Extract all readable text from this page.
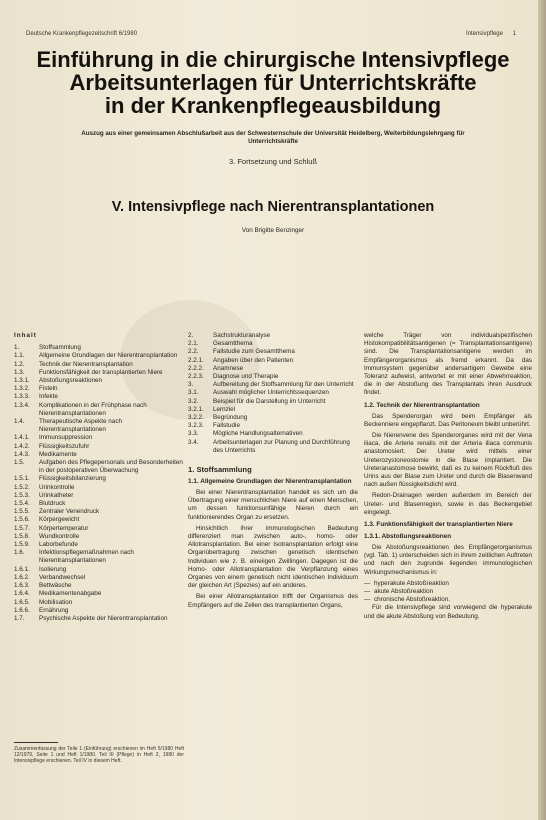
Deutsche Krankenpflegezeitschrift 6/1980	Intensivpflege 1
Einführung in die chirurgische Intensivpflege
Arbeitsunterlagen für Unterrichtskräfte
in der Krankenpflegeausbildung
Auszug aus einer gemeinsamen Abschlußarbeit aus der Schwesternschule der Universität Heidelberg, Weiterbildungslehrgang für Unterrichtskräfte
3. Fortsetzung und Schluß
V. Intensivpflege nach Nierentransplantationen
Von Brigitte Benzinger
Inhalt
1.	Stoffsammlung
1.1.	Allgemeine Grundlagen der Nierentransplantation
1.2.	Technik der Nierentransplantation
1.3.	Funktionsfähigkeit der transplantierten Niere
1.3.1.	Abstoßungsreaktionen
1.3.2.	Fisteln
1.3.3.	Infekte
1.3.4.	Komplikationen in der Frühphase nach Nierentransplantationen
1.4.	Therapeutische Aspekte nach Nierentransplantationen
1.4.1.	Immunsuppression
1.4.2.	Flüssigkeitszufuhr
1.4.3.	Medikamente
1.5.	Aufgaben des Pflegepersonals und Besonderheiten in der postoperativen Überwachung
1.5.1.	Flüssigkeitsbilanzierung
1.5.2.	Urinkontrolle
1.5.3.	Urinkatheter
1.5.4.	Blutdruck
1.5.5.	Zentraler Venendruck
1.5.6.	Körpergewicht
1.5.7.	Körpertemperatur
1.5.8.	Wundkontrolle
1.5.9.	Laborbefunde
1.6.	Infektionspflegemaßnahmen nach Nierentransplantationen
1.6.1.	Isolierung
1.6.2.	Verbandwechsel
1.6.3.	Bettwäsche
1.6.4.	Medikamentenabgabe
1.6.5.	Mobilisation
1.6.6.	Ernährung
1.7.	Psychische Aspekte der Nierentransplantation
2.	Sachstrukturanalyse
2.1.	Gesamtthema
2.2.	Fallstudie zum Gesamtthema
2.2.1.	Angaben über den Patienten
2.2.2.	Anamnese
2.2.3.	Diagnose und Therapie
3.	Aufbereitung der Stoffsammlung für den Unterricht
3.1.	Auswahl möglicher Unterrichtssequenzen
3.2.	Beispiel für die Darstellung im Unterricht
3.2.1.	Lernziel
3.2.2.	Begründung
3.2.3.	Fallstudie
3.3.	Mögliche Handlungsalternativen
3.4.	Arbeitsunterlagen zur Planung und Durchführung des Unterrichts
1. Stoffsammlung
1.1. Allgemeine Grundlagen der Nierentransplantation

Bei einer Nierentransplantation handelt es sich um die Übertragung einer menschlichen Niere auf einen Menschen, um dessen funktionsunfähige Nieren durch ein funktionierendes Organ zu ersetzen.

Hinsichtlich ihrer immunologischen Bedeutung differenziert man zwischen auto-, homo- oder Allotransplantation. Bei einer Isotransplantation erfolgt eine Organübertragung zwischen genetisch identischen Individuen wie z. B. eineiigen Zwillingen. Dagegen ist die Homo- oder Allotransplantation die Verpflanzung eines Organes von einem genetisch nicht identischen Individuum der gleichen Art (Spezies) auf ein anderes.

Bei einer Allotransplantation trifft der Organismus des Empfängers auf die Zellen des transplantierten Organs,

welche Träger von individualspezifischen Histokompatibilitätsantigenen (= Transplantationsantigene) sind. Die Transplantationsantigene werden im Empfängerorganismus als fremd erkannt. Da das Immunsystem gegenüber andersartigem Gewebe eine Toleranz aufweist, antwortet er mit einer Abwehrreaktion, die in der Abstoßung des Transplantats ihren Ausdruck findet.

1.2. Technik der Nierentransplantation

Das Spenderorgan wird beim Empfänger als Beckenniere eingepflanzt. Das Peritoneum bleibt unberührt.

Die Nierenvene des Spenderorganes wird mit der Vena iliaca, die Arterie renalis mit der Arteria iliaca communis anastomosiert. Der Ureter wird mittels einer Ureterozystoneostomie in die Blase implantiert. Die Ureteranastomose bewirkt, daß es zu keinem Rückfluß des Urins aus der Blase zum Ureter und durch die Blasenwand nach außen flüssigkeitsdicht wird.

Redon-Drainagen werden außerdem im Bereich der Ureter- und Blasenregion, sowie in das Beckengebiet eingelegt.

1.3. Funktionsfähigkeit der transplantierten Niere
1.3.1. Abstoßungsreaktionen

Die Abstoßungsreaktionen des Empfängerorganismus (vgl. Tab. 1) unterscheiden sich in ihrem zeitlichen Auftreten und nach den zugrunde liegenden immunologischen Wirkungsmechanismus in:

— hyperakute Abstoßreaktion
— akute Abstoßreaktion
— chronische Abstoßreaktion.

Für die Intensivpflege sind vorwiegend die hyperakute und die akute Abstoßung von Bedeutung.

Zusammenfassung der Teile 1 (Einführung) erschienen im Heft 5/1980 Heft 12/1979, Seite 1 und Heft 1/1980. Teil III (Pflege) in Heft 2, 1980 der Intensivpflege erschienen. Teil IV in diesem Heft.
